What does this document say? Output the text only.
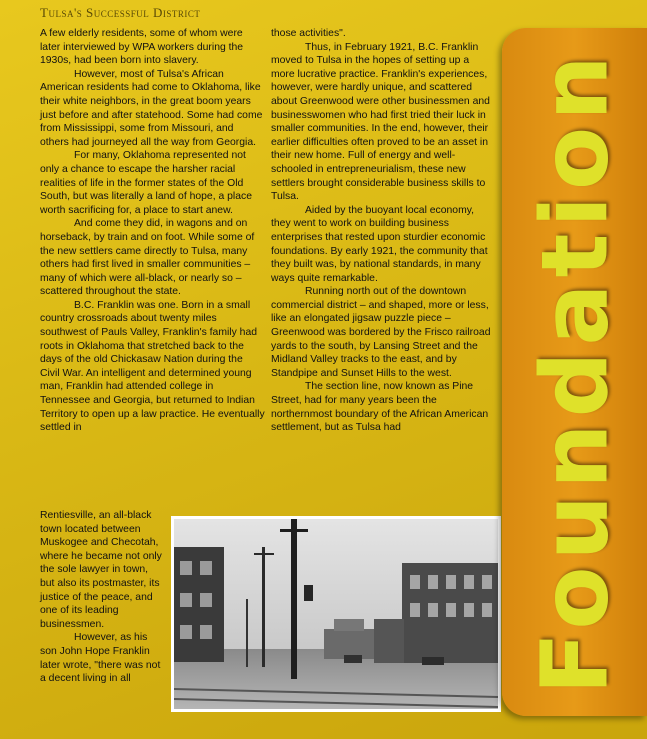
Tulsa's Successful District

A few elderly residents, some of whom were later interviewed by WPA workers during the 1930s, had been born into slavery.

However, most of Tulsa's African American residents had come to Oklahoma, like their white neighbors, in the great boom years just before and after statehood. Some had come from Mississippi, some from Missouri, and others had journeyed all the way from Georgia.

For many, Oklahoma represented not only a chance to escape the harsher racial realities of life in the former states of the Old South, but was literally a land of hope, a place worth sacrificing for, a place to start anew.

And come they did, in wagons and on horseback, by train and on foot. While some of the new settlers came directly to Tulsa, many others had first lived in smaller communities – many of which were all-black, or nearly so – scattered throughout the state.

B.C. Franklin was one. Born in a small country crossroads about twenty miles southwest of Pauls Valley, Franklin's family had roots in Oklahoma that stretched back to the days of the old Chickasaw Nation during the Civil War. An intelligent and determined young man, Franklin had attended college in Tennessee and Georgia, but returned to Indian Territory to open up a law practice. He eventually settled in

those activities".

Thus, in February 1921, B.C. Franklin moved to Tulsa in the hopes of setting up a more lucrative practice. Franklin's experiences, however, were hardly unique, and scattered about Greenwood were other businessmen and businesswomen who had first tried their luck in smaller communities. In the end, however, their earlier difficulties often proved to be an asset in their new home. Full of energy and well-schooled in entrepreneurialism, these new settlers brought considerable business skills to Tulsa.

Aided by the buoyant local economy, they went to work on building business enterprises that rested upon sturdier economic foundations. By early 1921, the community that they built was, by national standards, in many ways quite remarkable.

Running north out of the downtown commercial district – and shaped, more or less, like an elongated jigsaw puzzle piece – Greenwood was bordered by the Frisco railroad yards to the south, by Lansing Street and the Midland Valley tracks to the east, and by Standpipe and Sunset Hills to the west.

The section line, now known as Pine Street, had for many years been the northernmost boundary of the African American settlement, but as Tulsa had

Rentiesville, an all-black town located between Muskogee and Checotah, where he became not only the sole lawyer in town, but also its postmaster, its justice of the peace, and one of its leading businessmen.

However, as his son John Hope Franklin later wrote, "there was not a decent living in all	Foundation
